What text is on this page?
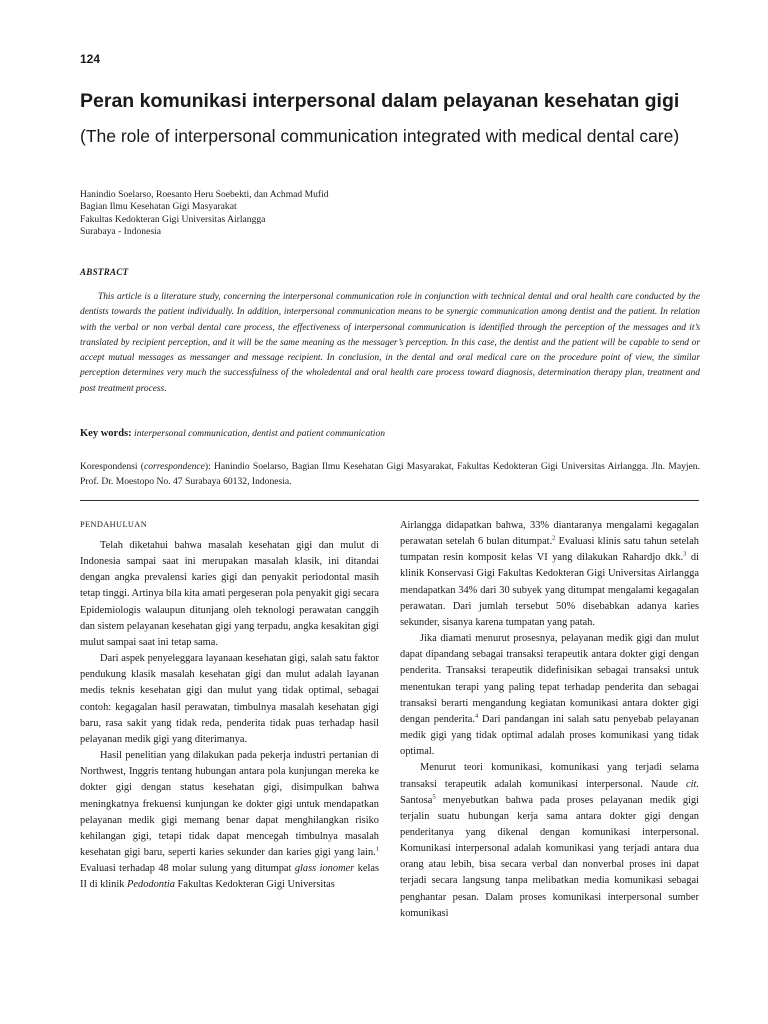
124
Peran komunikasi interpersonal dalam pelayanan kesehatan gigi
(The role of interpersonal communication integrated with medical dental care)
Hanindio Soelarso, Roesanto Heru Soebekti, dan Achmad Mufid
Bagian Ilmu Kesehatan Gigi Masyarakat
Fakultas Kedokteran Gigi Universitas Airlangga
Surabaya - Indonesia
ABSTRACT
This article is a literature study, concerning the interpersonal communication role in conjunction with technical dental and oral health care conducted by the dentists towards the patient individually. In addition, interpersonal communication means to be synergic communication among dentist and the patient. In relation with the verbal or non verbal dental care process, the effectiveness of interpersonal communication is identified through the perception of the messages and it’s translated by recipient perception, and it will be the same meaning as the messager’s perception. In this case, the dentist and the patient will be capable to send or accept mutual messages as messanger and message recipient. In conclusion, in the dental and oral medical care on the procedure point of view, the similar perception determines very much the successfulness of the wholedental and oral health care process toward diagnosis, determination therapy plan, treatment and post treatment process.
Key words: interpersonal communication, dentist and patient communication
Korespondensi (correspondence): Hanindio Soelarso, Bagian Ilmu Kesehatan Gigi Masyarakat, Fakultas Kedokteran Gigi Universitas Airlangga. Jln. Mayjen. Prof. Dr. Moestopo No. 47 Surabaya 60132, Indonesia.
PENDAHULUAN

Telah diketahui bahwa masalah kesehatan gigi dan mulut di Indonesia sampai saat ini merupakan masalah klasik, ini ditandai dengan angka prevalensi karies gigi dan penyakit periodontal masih tetap tinggi. Artinya bila kita amati pergeseran pola penyakit gigi secara Epidemiologis walaupun ditunjang oleh teknologi perawatan canggih dan sistem pelayanan kesehatan gigi yang terpadu, angka kesakitan gigi mulut sampai saat ini tetap sama.

Dari aspek penyeleggara layanaan kesehatan gigi, salah satu faktor pendukung klasik masalah kesehatan gigi dan mulut adalah layanan medis teknis kesehatan gigi dan mulut yang tidak optimal, sebagai contoh: kegagalan hasil perawatan, timbulnya masalah kesehatan gigi baru, rasa sakit yang tidak reda, penderita tidak puas terhadap hasil pelayanan medik gigi yang diterimanya.

Hasil penelitian yang dilakukan pada pekerja industri pertanian di Northwest, Inggris tentang hubungan antara pola kunjungan mereka ke dokter gigi dengan status kesehatan gigi, disimpulkan bahwa meningkatnya frekuensi kunjungan ke dokter gigi untuk mendapatkan pelayanan medik gigi memang benar dapat menghilangkan risiko kehilangan gigi, tetapi tidak dapat mencegah timbulnya masalah kesehatan gigi baru, seperti karies sekunder dan karies gigi yang lain.$^1$ Evaluasi terhadap 48 molar sulung yang ditumpat glass ionomer kelas II di klinik Pedodontia Fakultas Kedokteran Gigi Universitas

Airlangga didapatkan bahwa, 33% diantaranya mengalami kegagalan perawatan setelah 6 bulan ditumpat.$^2$ Evaluasi klinis satu tahun setelah tumpatan resin komposit kelas VI yang dilakukan Rahardjo dkk.$^3$ di klinik Konservasi Gigi Fakultas Kedokteran Gigi Universitas Airlangga mendapatkan 34% dari 30 subyek yang ditumpat mengalami kegagalan perawatan. Dari jumlah tersebut 50% disebabkan adanya karies sekunder, sisanya karena tumpatan yang patah.

Jika diamati menurut prosesnya, pelayanan medik gigi dan mulut dapat dipandang sebagai transaksi terapeutik antara dokter gigi dengan penderita. Transaksi terapeutik didefinisikan sebagai transaksi untuk menentukan terapi yang paling tepat terhadap penderita dan sebagai transaksi berarti mengandung kegiatan komunikasi antara dokter gigi dengan penderita.$^4$ Dari pandangan ini salah satu penyebab pelayanan medik gigi yang tidak optimal adalah proses komunikasi yang tidak optimal.

Menurut teori komunikasi, komunikasi yang terjadi selama transaksi terapeutik adalah komunikasi interpersonal. Naude cit. Santosa$^5$ menyebutkan bahwa pada proses pelayanan medik gigi terjalin suatu hubungan kerja sama antara dokter gigi dengan penderitanya yang dikenal dengan komunikasi interpersonal. Komunikasi interpersonal adalah komunikasi yang terjadi antara dua orang atau lebih, bisa secara verbal dan nonverbal proses ini dapat terjadi secara langsung tanpa melibatkan media komunikasi sebagai penghantar pesan. Dalam proses komunikasi interpersonal sumber komunikasi
